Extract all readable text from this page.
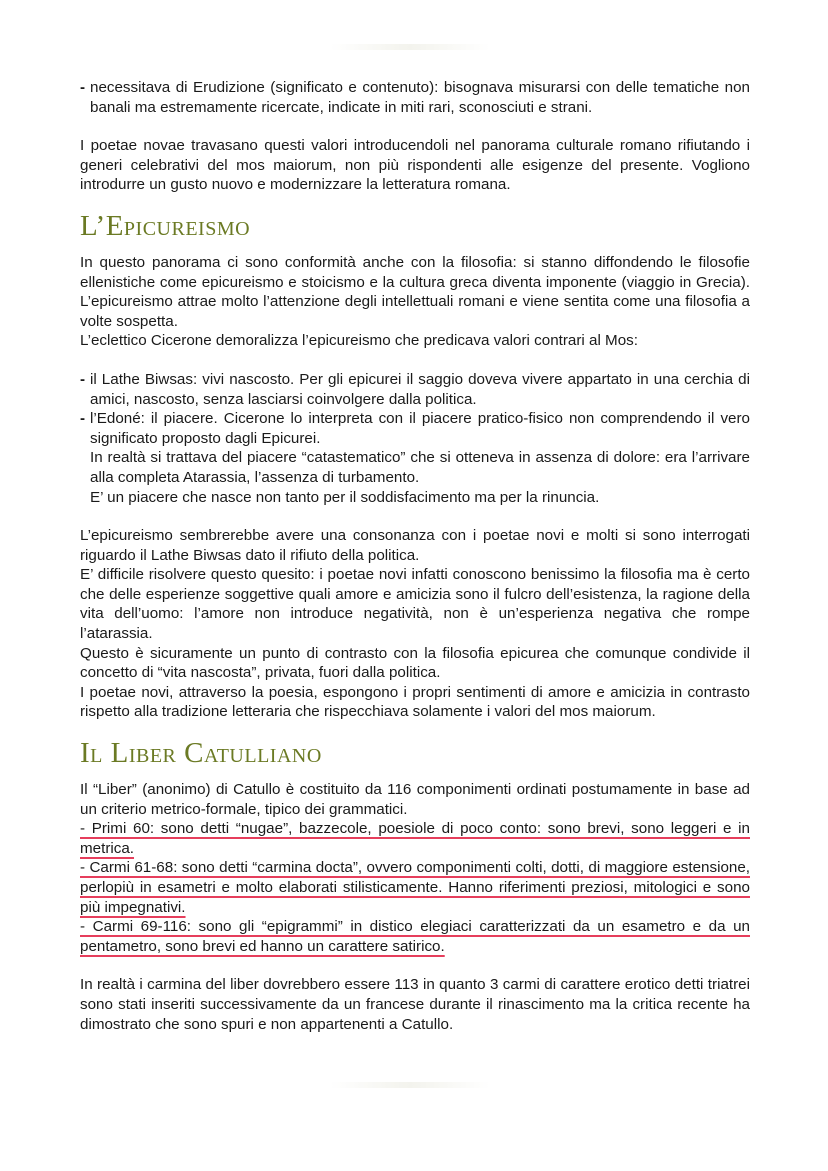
- necessitava di Erudizione (significato e contenuto): bisognava misurarsi con delle tematiche non banali ma estremamente ricercate, indicate in miti rari, sconosciuti e strani.

I poetae novae travasano questi valori introducendoli nel panorama culturale romano rifiutando i generi celebrativi del mos maiorum, non più rispondenti alle esigenze del presente. Vogliono introdurre un gusto nuovo e modernizzare la letteratura romana.

L’Epicureismo

In questo panorama ci sono conformità anche con la filosofia: si stanno diffondendo le filosofie ellenistiche come epicureismo e stoicismo e la cultura greca diventa imponente (viaggio in Grecia). L’epicureismo attrae molto l’attenzione degli intellettuali romani e viene sentita come una filosofia a volte sospetta.

L’eclettico Cicerone demoralizza l’epicureismo che predicava valori contrari al Mos:

- il Lathe Biwsas: vivi nascosto. Per gli epicurei il saggio doveva vivere appartato in una cerchia di amici, nascosto, senza lasciarsi coinvolgere dalla politica.
- l’Edoné: il piacere. Cicerone lo interpreta con il piacere pratico-fisico non comprendendo il vero significato proposto dagli Epicurei.
In realtà si trattava del piacere “catastematico” che si otteneva in assenza di dolore: era l’arrivare alla completa Atarassia, l’assenza di turbamento.
E’ un piacere che nasce non tanto per il soddisfacimento ma per la rinuncia.

L’epicureismo sembrerebbe avere una consonanza con i poetae novi e molti si sono interrogati riguardo il Lathe Biwsas dato il rifiuto della politica.

E’ difficile risolvere questo quesito: i poetae novi infatti conoscono benissimo la filosofia ma è certo che delle esperienze soggettive quali amore e amicizia sono il fulcro dell’esistenza, la ragione della vita dell’uomo: l’amore non introduce negatività, non è un’esperienza negativa che rompe l’atarassia.

Questo è sicuramente un punto di contrasto con la filosofia epicurea che comunque condivide il concetto di “vita nascosta”, privata, fuori dalla politica.

I poetae novi, attraverso la poesia, espongono i propri sentimenti di amore e amicizia in contrasto rispetto alla tradizione letteraria che rispecchiava solamente i valori del mos maiorum.

Il Liber Catulliano

Il “Liber” (anonimo) di Catullo è costituito da 116 componimenti ordinati postumamente in base ad un criterio metrico-formale, tipico dei grammatici.

- Primi 60: sono detti “nugae”, bazzecole, poesiole di poco conto: sono brevi, sono leggeri e in metrica.

- Carmi 61-68: sono detti “carmina docta”, ovvero componimenti colti, dotti, di maggiore estensione, perlopiù in esametri e molto elaborati stilisticamente. Hanno riferimenti preziosi, mitologici e sono più impegnativi.

- Carmi 69-116: sono gli “epigrammi” in distico elegiaci caratterizzati da un esametro e da un pentametro, sono brevi ed hanno un carattere satirico.

In realtà i carmina del liber dovrebbero essere 113 in quanto 3 carmi di carattere erotico detti triatrei sono stati inseriti successivamente da un francese durante il rinascimento ma la critica recente ha dimostrato che sono spuri e non appartenenti a Catullo.
